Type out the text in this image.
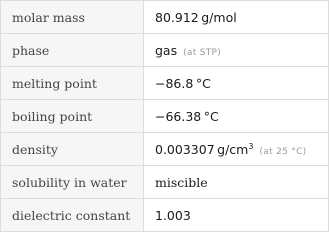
molar mass	80.912  g/mol
phase	gas (at STP)
melting point	−86.8  °C
boiling point	−66.38  °C
density	0.003307  $g/cm^3(at$ 25 °C)
solubility in water	miscible
dielectric constant	1.003
